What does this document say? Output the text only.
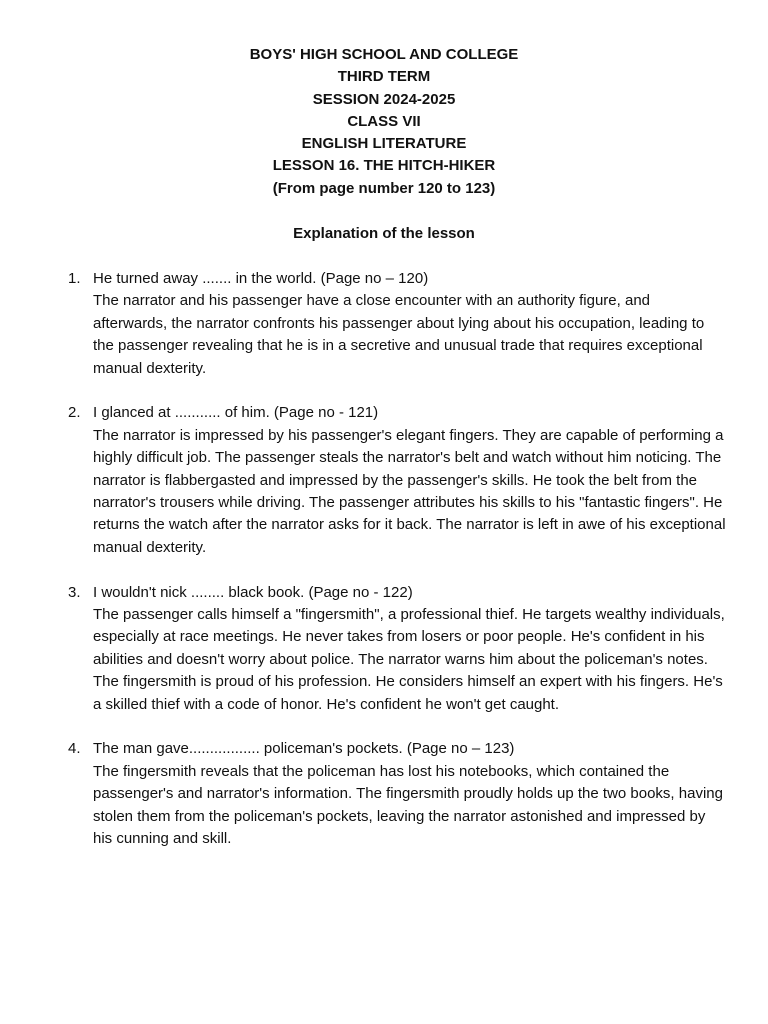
BOYS' HIGH SCHOOL AND COLLEGE
THIRD TERM
SESSION 2024-2025
CLASS VII
ENGLISH LITERATURE
LESSON 16. THE HITCH-HIKER
(From page number 120 to 123)
Explanation of the lesson
1. He turned away ....... in the world. (Page no – 120)
The narrator and his passenger have a close encounter with an authority figure, and afterwards, the narrator confronts his passenger about lying about his occupation, leading to the passenger revealing that he is in a secretive and unusual trade that requires exceptional manual dexterity.
2. I glanced at ........... of him. (Page no - 121)
The narrator is impressed by his passenger's elegant fingers. They are capable of performing a highly difficult job. The passenger steals the narrator's belt and watch without him noticing. The narrator is flabbergasted and impressed by the passenger's skills. He took the belt from the narrator's trousers while driving. The passenger attributes his skills to his "fantastic fingers". He returns the watch after the narrator asks for it back. The narrator is left in awe of his exceptional manual dexterity.
3. I wouldn't nick ........ black book. (Page no - 122)
The passenger calls himself a "fingersmith", a professional thief. He targets wealthy individuals, especially at race meetings. He never takes from losers or poor people. He's confident in his abilities and doesn't worry about police. The narrator warns him about the policeman's notes. The fingersmith is proud of his profession. He considers himself an expert with his fingers. He's a skilled thief with a code of honor. He's confident he won't get caught.
4. The man gave................. policeman's pockets. (Page no – 123)
The fingersmith reveals that the policeman has lost his notebooks, which contained the passenger's and narrator's information. The fingersmith proudly holds up the two books, having stolen them from the policeman's pockets, leaving the narrator astonished and impressed by his cunning and skill.
